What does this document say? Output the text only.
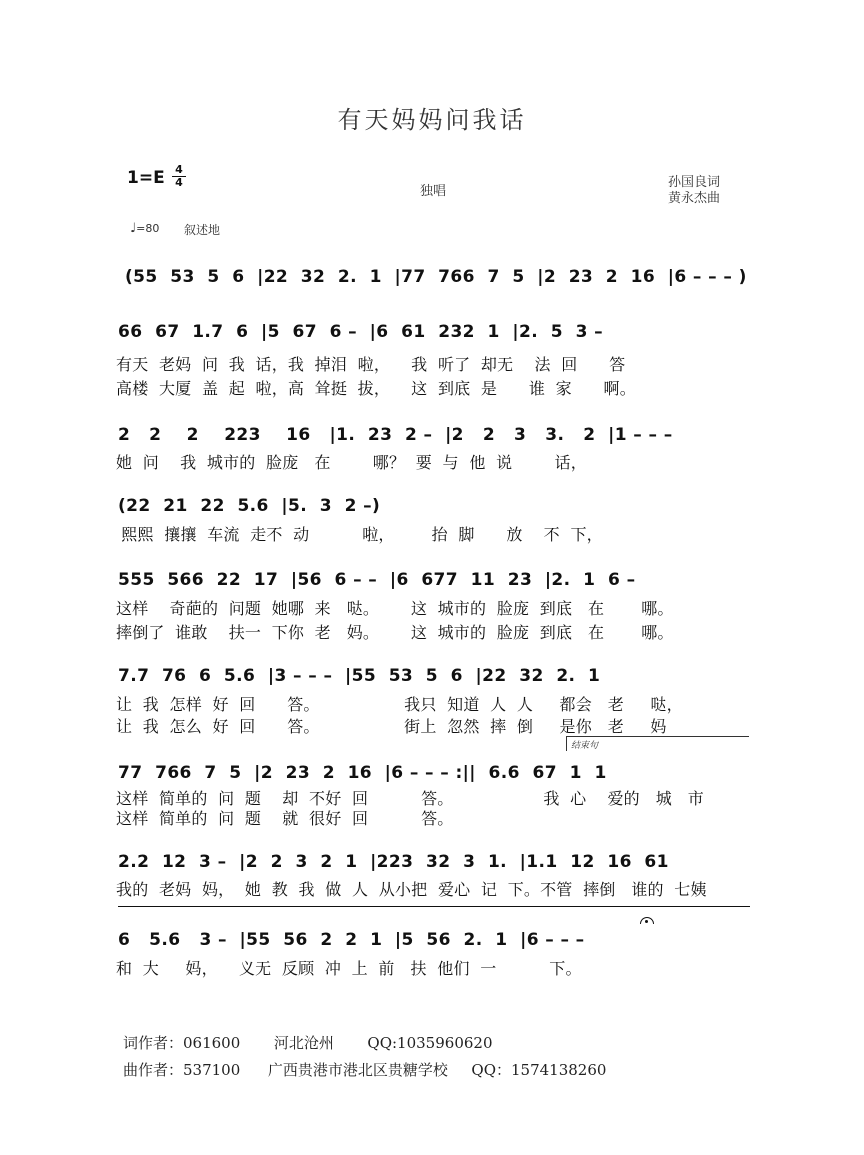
有天妈妈问我话
1=E 4
4
独唱
孙国良词
黄永杰曲
♩=80 叙述地
(55  53  5  6  |22  32  2.  1  |77  766  7  5  |2  23  2  16  |6 – – – )
66  67  1.7  6  |5  67  6 –  |6  61  232  1  |2.  5  3 –
有天  老妈  问  我  话，我  掉泪  啦，    我  听了  却无    法  回      答
高楼  大厦  盖  起  啦，高  耸挺  拔，    这  到底  是      谁  家      啊。
2   2    2    223    16   |1.  23  2 –  |2   2   3   3.   2  |1 – – –
她  问    我  城市的  脸庞   在        哪？  要  与  他  说        话，
(22  21  22  5.6  |5.  3  2 –)
熙熙  攘攘  车流  走不  动          啦，       抬  脚      放    不  下，
555  566  22  17  |56  6 – –  |6  677  11  23  |2.  1  6 –
这样    奇葩的  问题  她哪  来   哒。      这  城市的  脸庞  到底   在       哪。
摔倒了  谁敢    扶一  下你  老   妈。      这  城市的  脸庞  到底   在       哪。
7.7  76  6  5.6  |3 – – –  |55  53  5  6  |22  32  2.  1
让  我  怎样  好  回      答。                我只  知道  人  人     都会   老     哒，
让  我  怎么  好  回      答。                街上  忽然  摔  倒     是你   老     妈
结束句
77  766  7  5  |2  23  2  16  |6 – – – :||  6.6  67  1  1
这样  简单的  问  题    却  不好  回          答。                 我  心    爱的   城   市
这样  简单的  问  题    就  很好  回          答。
2.2  12  3 –  |2  2  3  2  1  |223  32  3  1.  |1.1  12  16  61
我的  老妈  妈，  她  教  我  做  人  从小把  爱心  记  下。不管  摔倒   谁的  七姨
6   5.6   3 –  |55  56  2  2  1  |5  56  2.  1  |6 – – –
和  大     妈，    义无  反顾  冲  上  前   扶  他们  一          下。
词作者：061600 河北沧州 QQ:1035960620
曲作者：537100 广西贵港市港北区贵糖学校 QQ：1574138260
